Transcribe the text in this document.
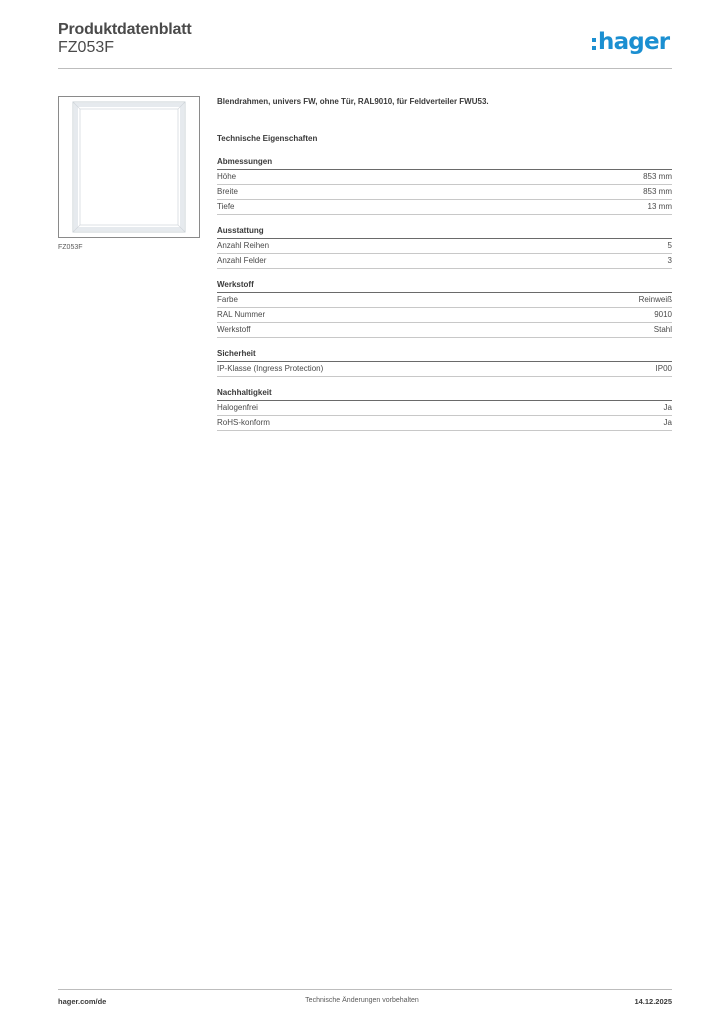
Produktdatenblatt
FZ053F	hager
FZ053F
Blendrahmen, univers FW, ohne Tür, RAL9010, für Feldverteiler FWU53.
Technische Eigenschaften
Abmessungen
Höhe	853 mm
Breite	853 mm
Tiefe	13 mm
Ausstattung
Anzahl Reihen	5
Anzahl Felder	3
Werkstoff
Farbe	Reinweiß
RAL Nummer	9010
Werkstoff	Stahl
Sicherheit
IP-Klasse (Ingress Protection)	IP00
Nachhaltigkeit
Halogenfrei	Ja
RoHS-konform	Ja
hager.com/de	Technische Änderungen vorbehalten	14.12.2025
